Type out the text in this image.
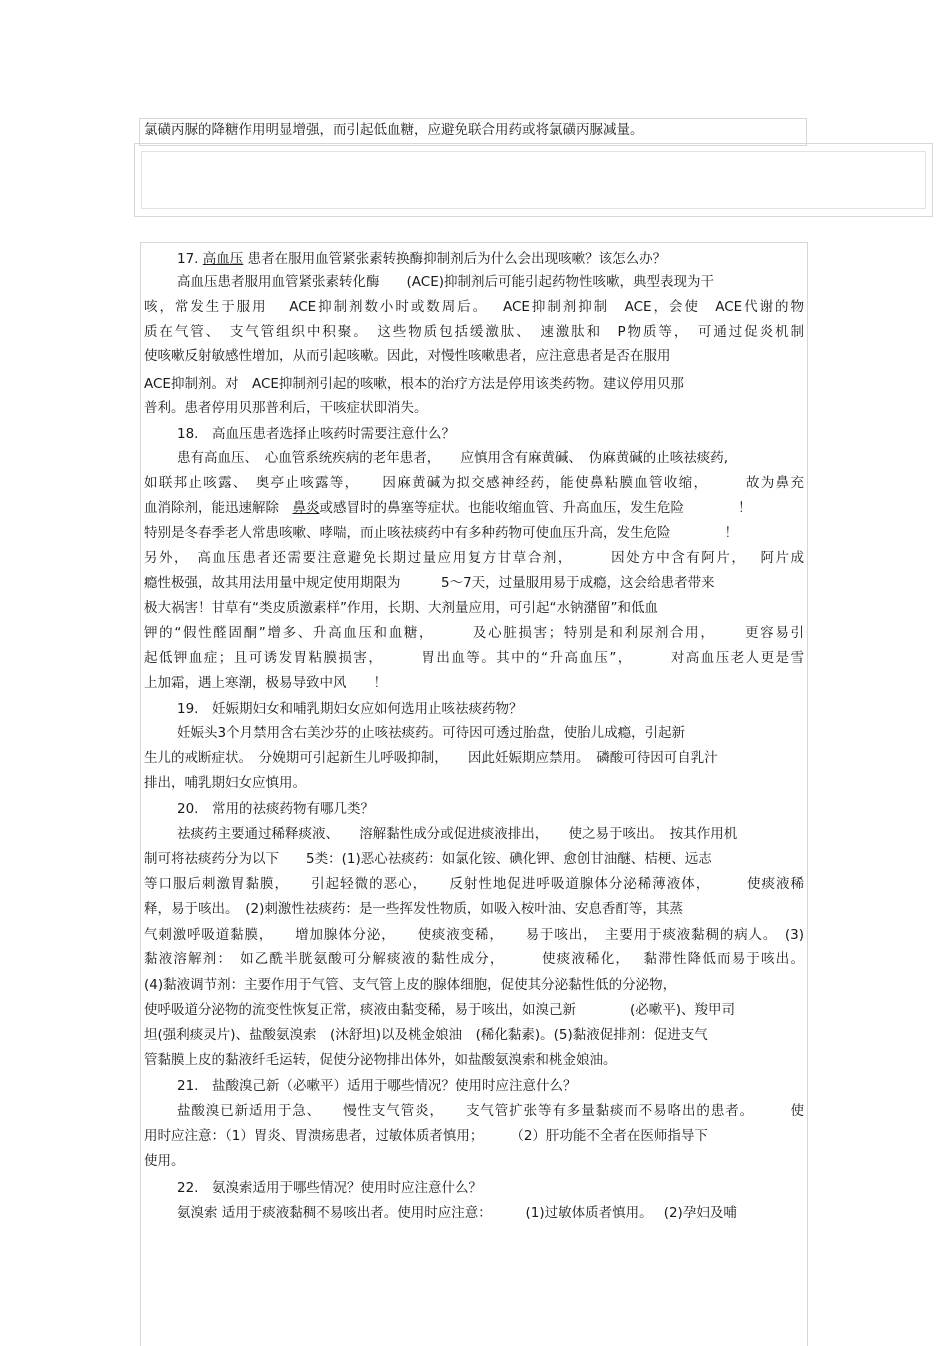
氯磺丙脲的降糖作用明显增强，而引起低血糖，应避免联合用药或将氯磺丙脲减量。
17. 高血压 患者在服用血管紧张素转换酶抑制剂后为什么会出现咳嗽？该怎么办？
高血压患者服用血管紧张素转化酶　　(ACE)抑制剂后可能引起药物性咳嗽，典型表现为干
咳，常发生于服用　 ACE抑制剂数小时或数周后。　 ACE抑制剂抑制　ACE，会使　ACE代谢的物
质在气管、　支气管组织中积聚。　这些物质包括缓激肽、　速激肽和　P物质等，　可通过促炎机制
使咳嗽反射敏感性增加，从而引起咳嗽。因此，对慢性咳嗽患者，应注意患者是否在服用
ACE抑制剂。对　ACE抑制剂引起的咳嗽，根本的治疗方法是停用该类药物。建议停用贝那
普利。患者停用贝那普利后，干咳症状即消失。
18.　高血压患者选择止咳药时需要注意什么？
患有高血压、　心血管系统疾病的老年患者，　　应慎用含有麻黄碱、　伪麻黄碱的止咳祛痰药,
如联邦止咳露、　奥亭止咳露等，　　因麻黄碱为拟交感神经药，能使鼻粘膜血管收缩，　　　故为鼻充
血消除剂，能迅速解除　鼻炎或感冒时的鼻塞等症状。也能收缩血管、升高血压，发生危险　　　　！
特别是冬春季老人常患咳嗽、哮喘，而止咳祛痰药中有多种药物可使血压升高，发生危险　　　　！
另外，　高血压患者还需要注意避免长期过量应用复方甘草合剂，　　　因处方中含有阿片，　 阿片成
瘾性极强，故其用法用量中规定使用期限为　　　5～7天，过量服用易于成瘾，这会给患者带来
极大祸害！甘草有“类皮质激素样”作用，长期、大剂量应用，可引起“水钠潴留”和低血
钾的“假性醛固酮”增多、升高血压和血糖，　　　及心脏损害；特别是和利尿剂合用，　　 更容易引
起低钾血症；且可诱发胃粘膜损害，　　　胃出血等。其中的“升高血压”，　　　对高血压老人更是雪
上加霜，遇上寒潮，极易导致中风　　！
19.　妊娠期妇女和哺乳期妇女应如何选用止咳祛痰药物？
妊娠头3个月禁用含右美沙芬的止咳祛痰药。可待因可透过胎盘，使胎儿成瘾，引起新
生儿的戒断症状。　分娩期可引起新生儿呼吸抑制，　　因此妊娠期应禁用。　磷酸可待因可自乳汁
排出，哺乳期妇女应慎用。
20.　常用的祛痰药物有哪几类？
祛痰药主要通过稀释痰液、　　溶解黏性成分或促进痰液排出，　　使之易于咳出。　按其作用机
制可将祛痰药分为以下　　5类：(1)恶心祛痰药：如氯化铵、碘化钾、愈创甘油醚、桔梗、远志
等口服后刺激胃黏膜，　　引起轻微的恶心，　　反射性地促进呼吸道腺体分泌稀薄液体，　　　使痰液稀
释，易于咳出。　(2)刺激性祛痰药：是一些挥发性物质，如吸入桉叶油、安息香酊等，其蒸
气刺激呼吸道黏膜，　　增加腺体分泌，　　使痰液变稀，　　易于咳出，　主要用于痰液黏稠的病人。　(3)
黏液溶解剂：　如乙酰半胱氨酸可分解痰液的黏性成分，　　　使痰液稀化，　 黏滞性降低而易于咳出。
(4)黏液调节剂：主要作用于气管、支气管上皮的腺体细胞，促使其分泌黏性低的分泌物，
使呼吸道分泌物的流变性恢复正常，痰液由黏变稀，易于咳出，如溴己新　　　　(必嗽平)、羧甲司
坦(强利痰灵片)、盐酸氨溴索　(沐舒坦)以及桃金娘油　(稀化黏素)。(5)黏液促排剂：促进支气
管黏膜上皮的黏液纤毛运转，促使分泌物排出体外，如盐酸氨溴索和桃金娘油。
21.　盐酸溴己新（必嗽平）适用于哪些情况？使用时应注意什么？
盐酸溴已新适用于急、　　慢性支气管炎，　　支气管扩张等有多量黏痰而不易咯出的患者。　　　使
用时应注意：（1）胃炎、胃溃疡患者，过敏体质者慎用；　　　（2）肝功能不全者在医师指导下
使用。
22.　氨溴索适用于哪些情况？使用时应注意什么？
氨溴索 适用于痰液黏稠不易咳出者。使用时应注意：　　　(1)过敏体质者慎用。　 (2)孕妇及哺
